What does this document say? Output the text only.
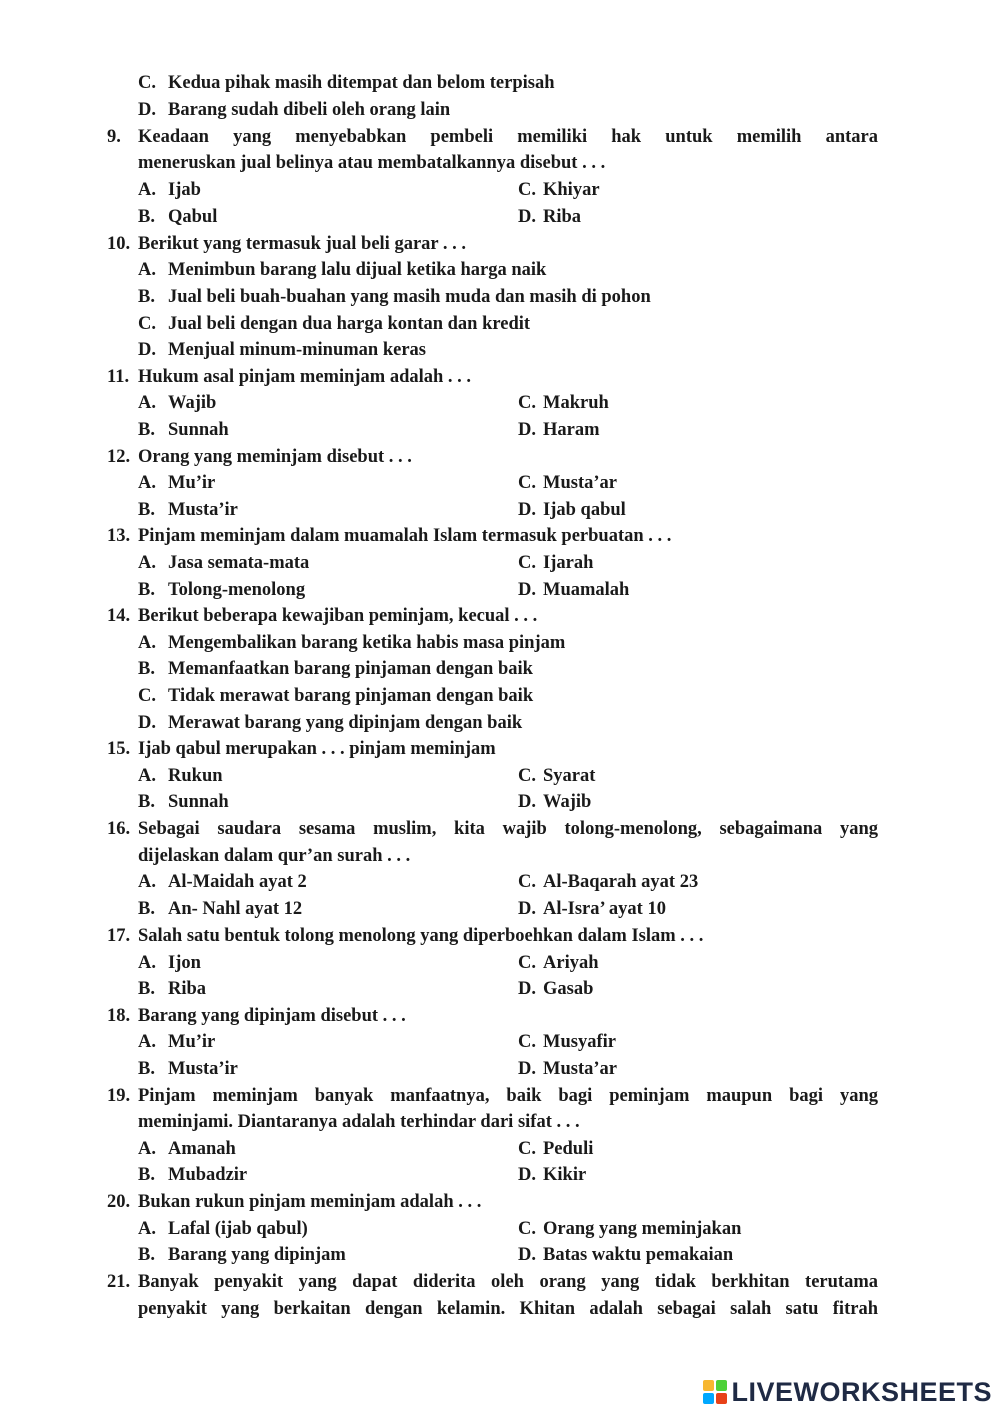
C. Kedua pihak masih ditempat dan belom terpisah
D. Barang sudah dibeli oleh orang lain
9. Keadaan yang menyebabkan pembeli memiliki hak untuk memilih antara
meneruskan jual belinya atau membatalkannya disebut . . .
A. Ijab	C. Khiyar
B. Qabul	D. Riba
10. Berikut yang termasuk jual beli garar . . .
A. Menimbun barang lalu dijual ketika harga naik
B. Jual beli buah-buahan yang masih muda dan masih di pohon
C. Jual beli dengan dua harga kontan dan kredit
D. Menjual minum-minuman keras
11. Hukum asal pinjam meminjam adalah . . .
A. Wajib	C. Makruh
B. Sunnah	D. Haram
12. Orang yang meminjam disebut . . .
A. Mu’ir	C. Musta’ar
B. Musta’ir	D. Ijab qabul
13. Pinjam meminjam dalam muamalah Islam termasuk perbuatan . . .
A. Jasa semata-mata	C. Ijarah
B. Tolong-menolong	D. Muamalah
14. Berikut beberapa kewajiban peminjam, kecual . . .
A. Mengembalikan barang ketika habis masa pinjam
B. Memanfaatkan barang pinjaman dengan baik
C. Tidak merawat barang pinjaman dengan baik
D. Merawat barang yang dipinjam dengan baik
15. Ijab qabul merupakan . . . pinjam meminjam
A. Rukun	C. Syarat
B. Sunnah	D. Wajib
16. Sebagai saudara sesama muslim, kita wajib tolong-menolong, sebagaimana yang
dijelaskan dalam qur’an surah . . .
A. Al-Maidah ayat 2	C. Al-Baqarah ayat 23
B. An- Nahl ayat 12	D. Al-Isra’ ayat 10
17. Salah satu bentuk tolong menolong yang diperboehkan dalam Islam . . .
A. Ijon	C. Ariyah
B. Riba	D. Gasab
18. Barang yang dipinjam disebut . . .
A. Mu’ir	C. Musyafir
B. Musta’ir	D. Musta’ar
19. Pinjam meminjam banyak manfaatnya, baik bagi peminjam maupun bagi yang
meminjami. Diantaranya adalah terhindar dari sifat . . .
A. Amanah	C. Peduli
B. Mubadzir	D. Kikir
20. Bukan rukun pinjam meminjam adalah . . .
A. Lafal (ijab qabul)	C. Orang yang meminjakan
B. Barang yang dipinjam	D. Batas waktu pemakaian
21. Banyak penyakit yang dapat diderita oleh orang yang tidak berkhitan terutama
penyakit yang berkaitan dengan kelamin. Khitan adalah sebagai salah satu fitrah
LIVEWORKSHEETS
